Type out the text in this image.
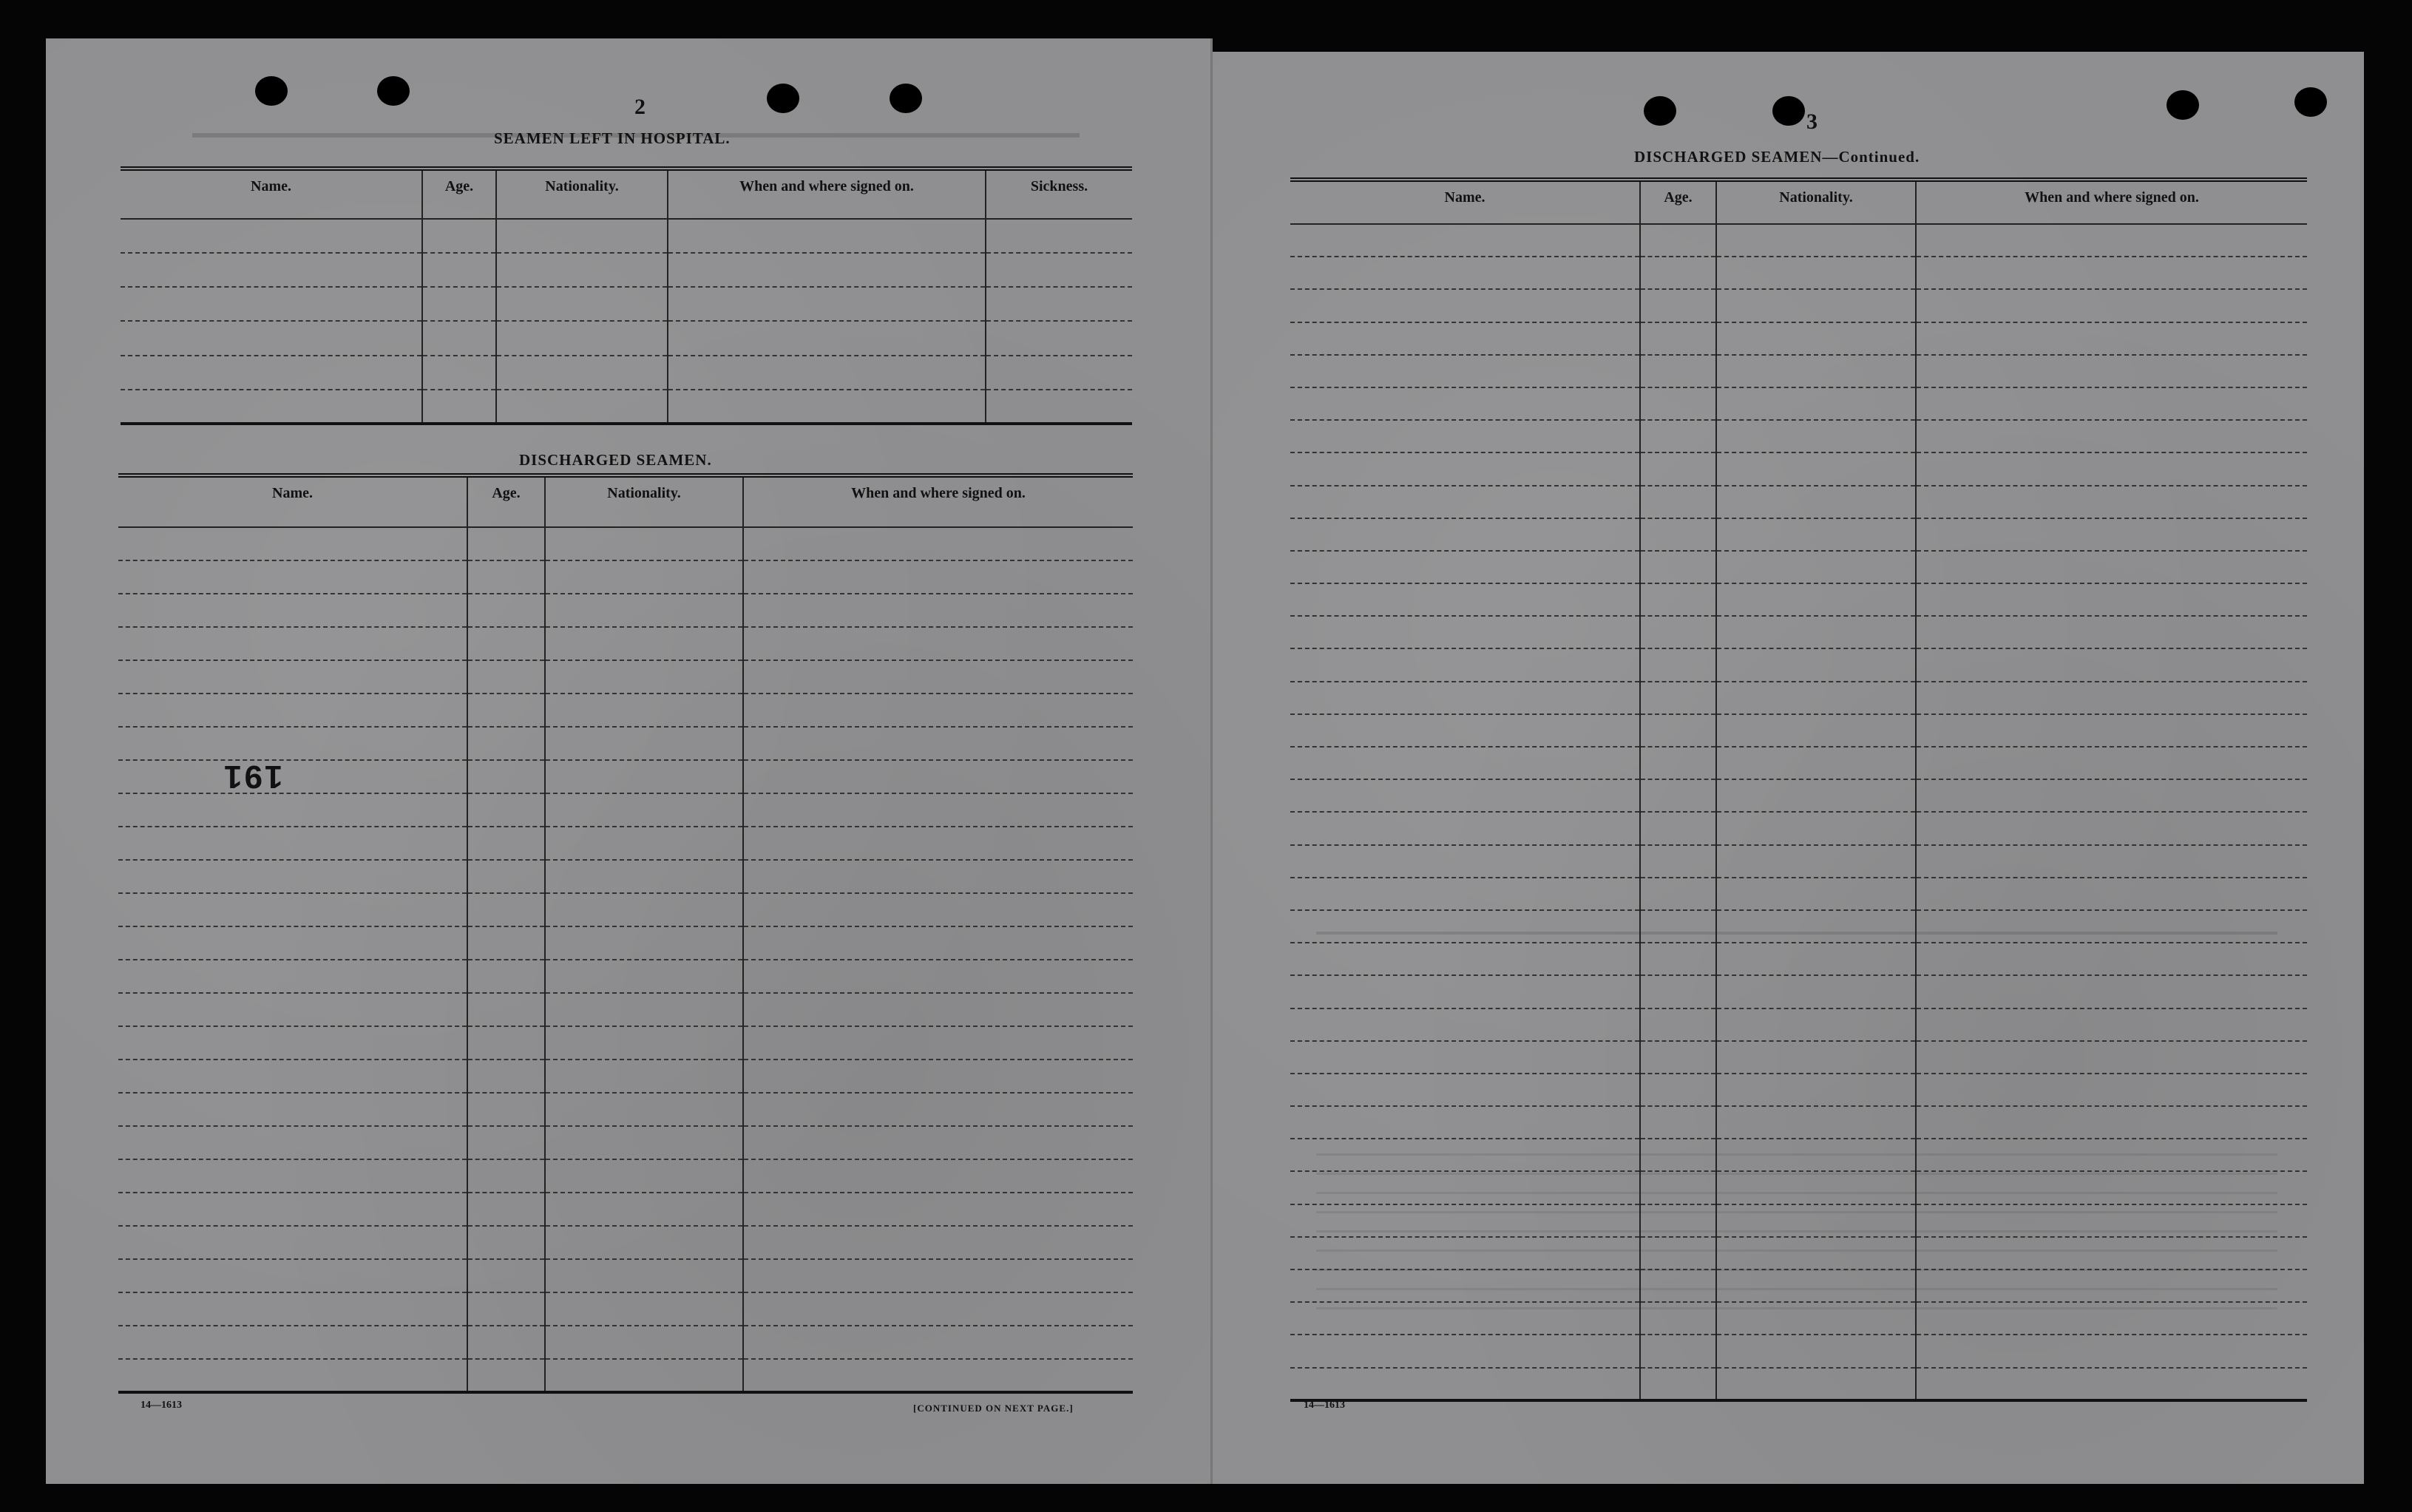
2
SEAMEN LEFT IN HOSPITAL.
Name.	Age.	Nationality.	When and where signed on.	Sickness.

DISCHARGED SEAMEN.
Name.	Age.	Nationality.	When and where signed on.

191
14—1613	[CONTINUED ON NEXT PAGE.]
3
DISCHARGED SEAMEN—Continued.
Name.	Age.	Nationality.	When and where signed on.

14—1613
